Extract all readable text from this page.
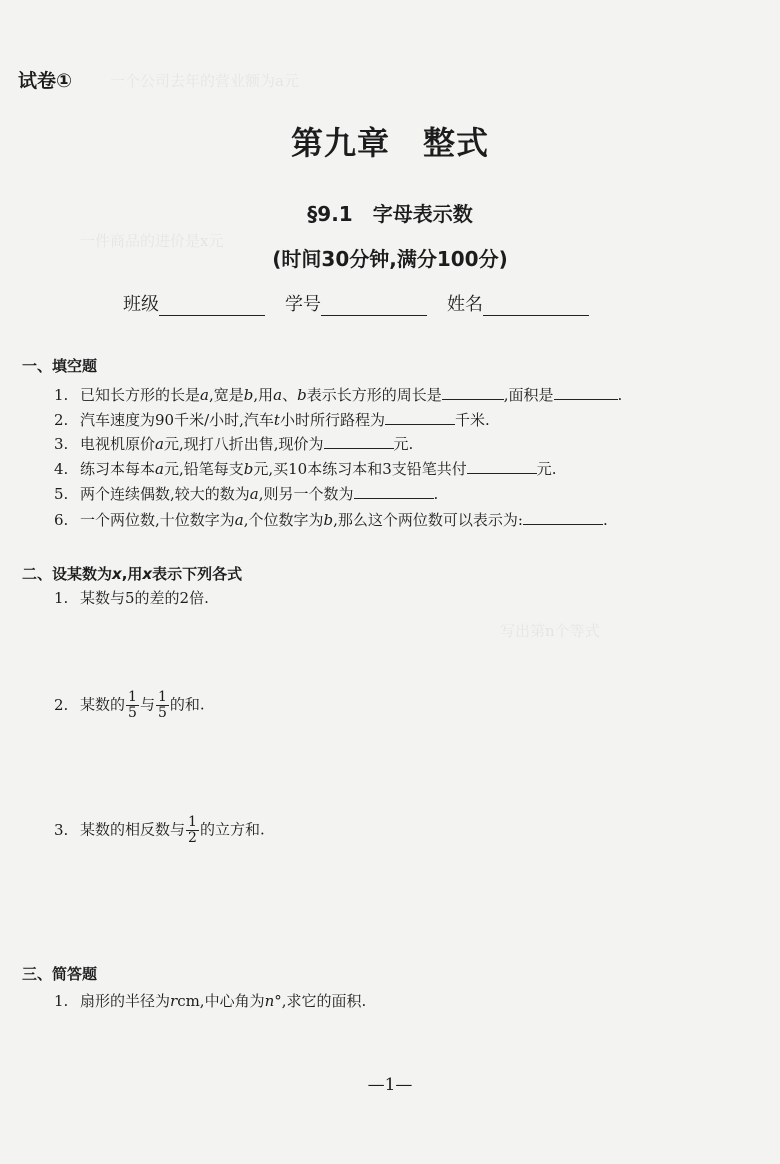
一个公司去年的营业额为a元
一件商品的进价是x元
写出第n个等式
试卷①
第九章　整式
§9.1　字母表示数
(时间30分钟,满分100分)
班级	学号	姓名
一、填空题
1. 已知长方形的长是a,宽是b,用a、b表示长方形的周长是	,面积是	.
2. 汽车速度为90千米/小时,汽车t小时所行路程为	千米.
3. 电视机原价a元,现打八折出售,现价为	元.
4. 练习本每本a元,铅笔每支b元,买10本练习本和3支铅笔共付	元.
5. 两个连续偶数,较大的数为a,则另一个数为	.
6. 一个两位数,十位数字为a,个位数字为b,那么这个两位数可以表示为:	.
二、设某数为x,用x表示下列各式
1. 某数与5的差的2倍.
2. 某数的 $\frac{1}{5}$ 与 $\frac{1}{5}$ 的和.
3. 某数的相反数与 $\frac{1}{2}$ 的立方和.
三、简答题
1. 扇形的半径为rcm,中心角为n°,求它的面积.
—1—
